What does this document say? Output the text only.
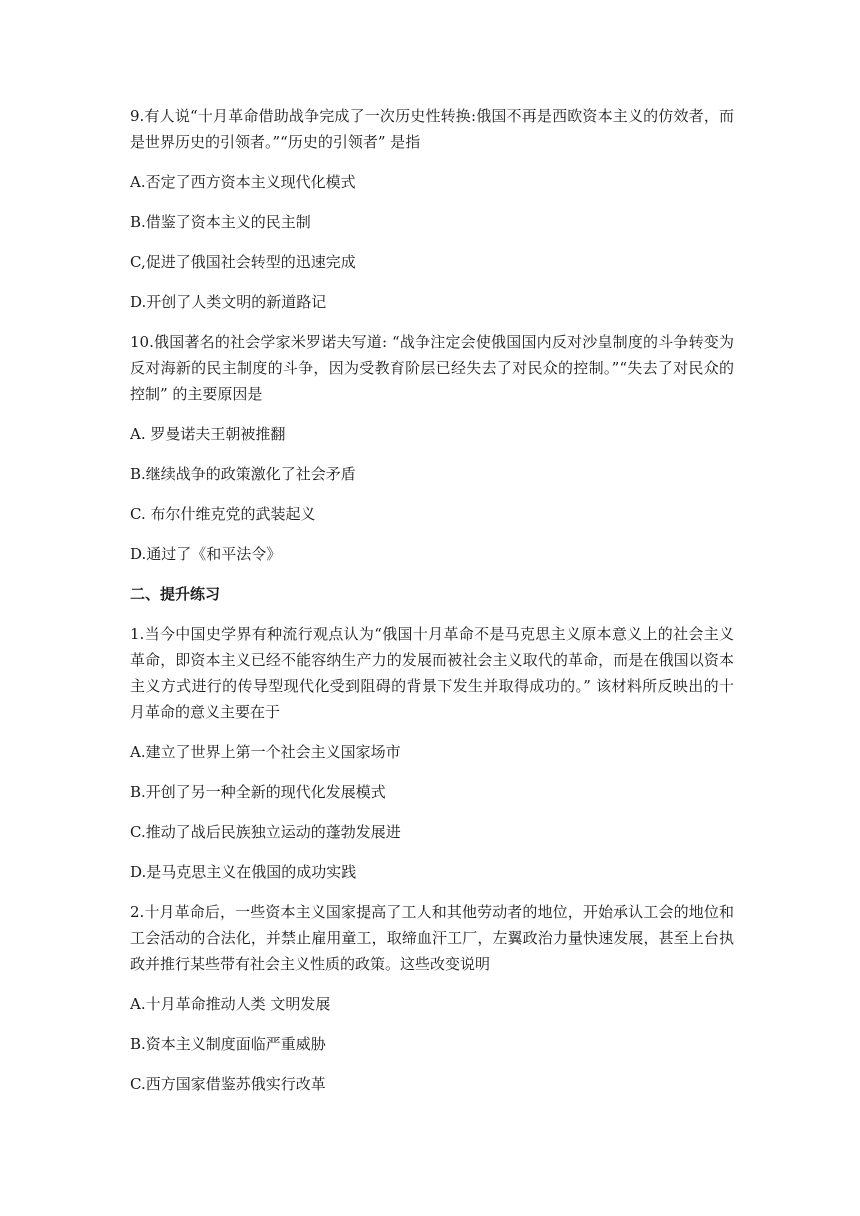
9.有人说“十月革命借助战争完成了一次历史性转换:俄国不再是西欧资本主义的仿效者，而是世界历史的引领者。”“历史的引领者” 是指

A.否定了西方资本主义现代化模式

B.借鉴了资本主义的民主制

C,促进了俄国社会转型的迅速完成

D.开创了人类文明的新道路记

10.俄国著名的社会学家米罗诺夫写道: “战争注定会使俄国国内反对沙皇制度的斗争转变为反对海新的民主制度的斗争，因为受教育阶层已经失去了对民众的控制。”“失去了对民众的控制” 的主要原因是

A. 罗曼诺夫王朝被推翻

B.继续战争的政策激化了社会矛盾

C. 布尔什维克党的武装起义

D.通过了《和平法令》

二、提升练习

1.当今中国史学界有种流行观点认为“俄国十月革命不是马克思主义原本意义上的社会主义革命，即资本主义已经不能容纳生产力的发展而被社会主义取代的革命，而是在俄国以资本主义方式进行的传导型现代化受到阻碍的背景下发生并取得成功的。” 该材料所反映出的十月革命的意义主要在于

A.建立了世界上第一个社会主义国家场市

B.开创了另一种全新的现代化发展模式

C.推动了战后民族独立运动的蓬勃发展进

D.是马克思主义在俄国的成功实践

2.十月革命后，一些资本主义国家提高了工人和其他劳动者的地位，开始承认工会的地位和工会活动的合法化，并禁止雇用童工，取缔血汗工厂，左翼政治力量快速发展，甚至上台执政并推行某些带有社会主义性质的政策。这些改变说明

A.十月革命推动人类 文明发展

B.资本主义制度面临严重威胁

C.西方国家借鉴苏俄实行改革
